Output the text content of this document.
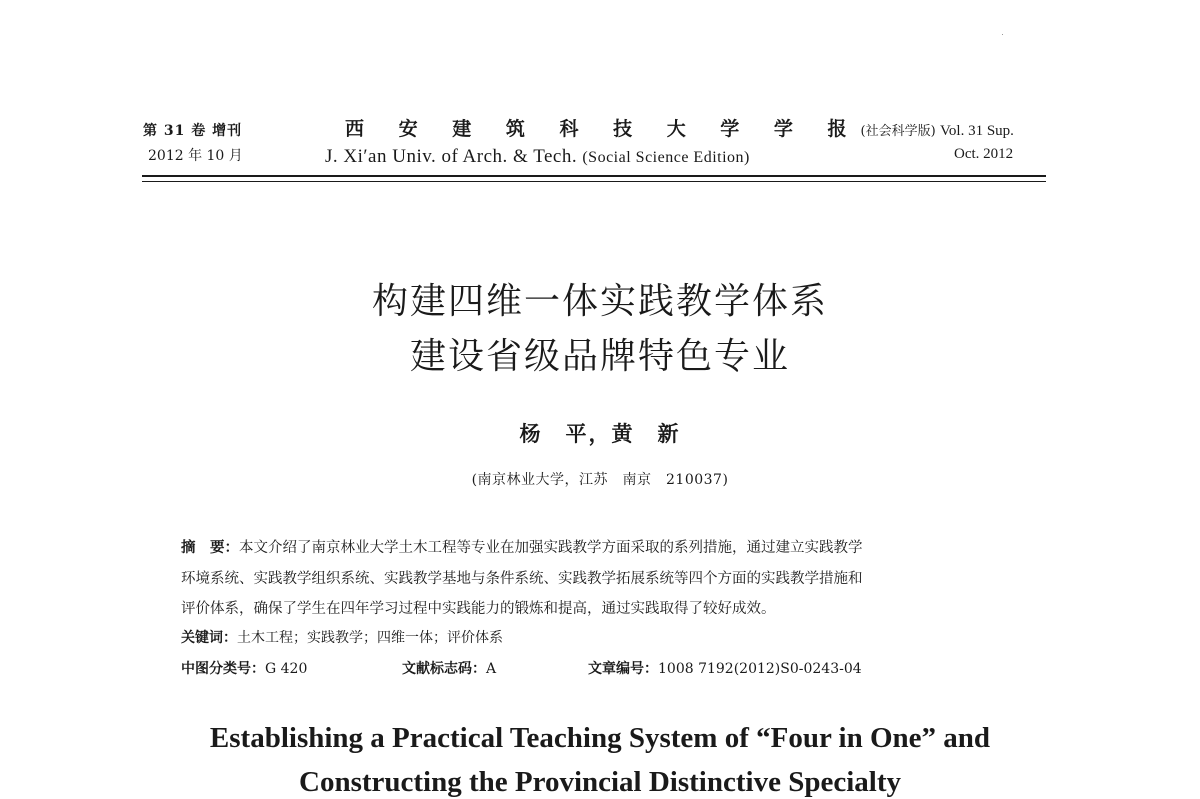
第 31 卷 增刊
2012 年 10 月
西 安 建 筑 科 技 大 学 学 报(社会科学版)
J. Xi′an Univ. of Arch. & Tech. (Social Science Edition)
Vol. 31 Sup.
Oct. 2012
构建四维一体实践教学体系
建设省级品牌特色专业
杨　平，黄　新
(南京林业大学，江苏　南京　210037)
摘　要：本文介绍了南京林业大学土木工程等专业在加强实践教学方面采取的系列措施，通过建立实践教学
环境系统、实践教学组织系统、实践教学基地与条件系统、实践教学拓展系统等四个方面的实践教学措施和
评价体系，确保了学生在四年学习过程中实践能力的锻炼和提高，通过实践取得了较好成效。
关键词：土木工程；实践教学；四维一体；评价体系
中图分类号：G 420	文献标志码：A	文章编号：1008 7192(2012)S0-0243-04
Establishing a Practical Teaching System of “Four in One” and
Constructing the Provincial Distinctive Specialty
